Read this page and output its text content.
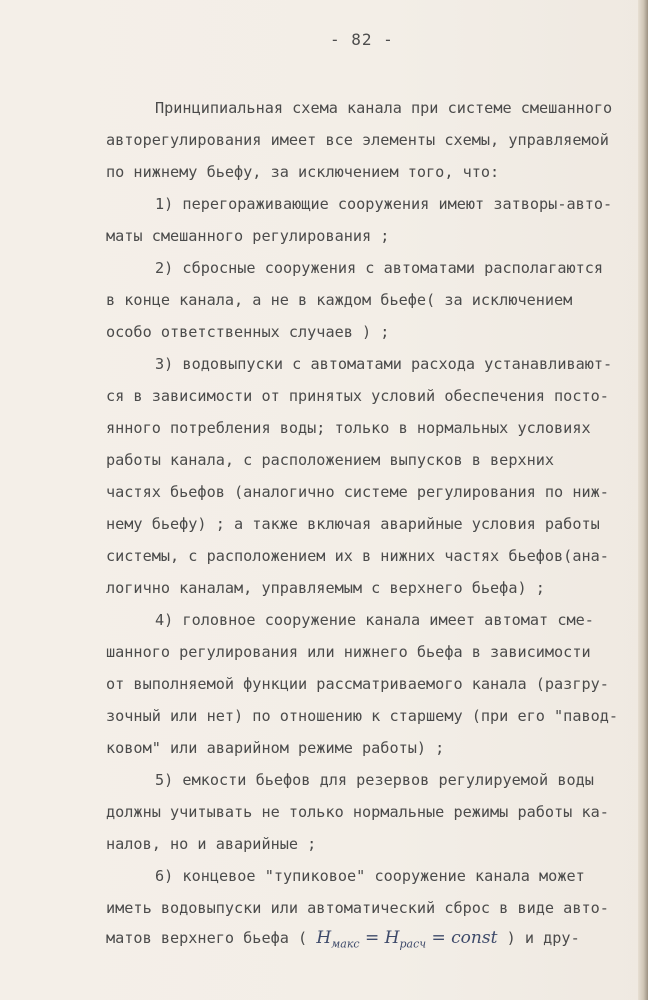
- 82 -
Принципиальная схема канала при системе смешанного
авторегулирования имеет все элементы схемы, управляемой
по нижнему бьефу, за исключением того, что:
1) перегораживающие сооружения имеют затворы-авто-
маты смешанного регулирования ;
2) сбросные сооружения с автоматами располагаются
в конце канала, а не в каждом бьефе( за исключением
особо ответственных случаев ) ;
3) водовыпуски с автоматами расхода устанавливают-
ся в зависимости от принятых условий обеспечения посто-
янного потребления воды; только в нормальных условиях
работы канала, с расположением выпусков в верхних
частях бьефов (аналогично системе регулирования по ниж-
нему бьефу) ; а также включая аварийные условия работы
системы, с расположением их в нижних частях бьефов(ана-
логично каналам, управляемым с верхнего бьефа) ;
4) головное сооружение канала имеет автомат сме-
шанного регулирования или нижнего бьефа в зависимости
от выполняемой функции рассматриваемого канала (разгру-
зочный или нет) по отношению к старшему (при его "павод-
ковом" или аварийном режиме работы) ;
5) емкости бьефов для резервов регулируемой воды
должны учитывать не только нормальные режимы работы ка-
налов, но и аварийные ;
6) концевое "тупиковое" сооружение канала может
иметь водовыпуски или автоматический сброс в виде авто-
матов верхнего бьефа ( $H_{макс} = H_{расч}$ = const ) и дру-
